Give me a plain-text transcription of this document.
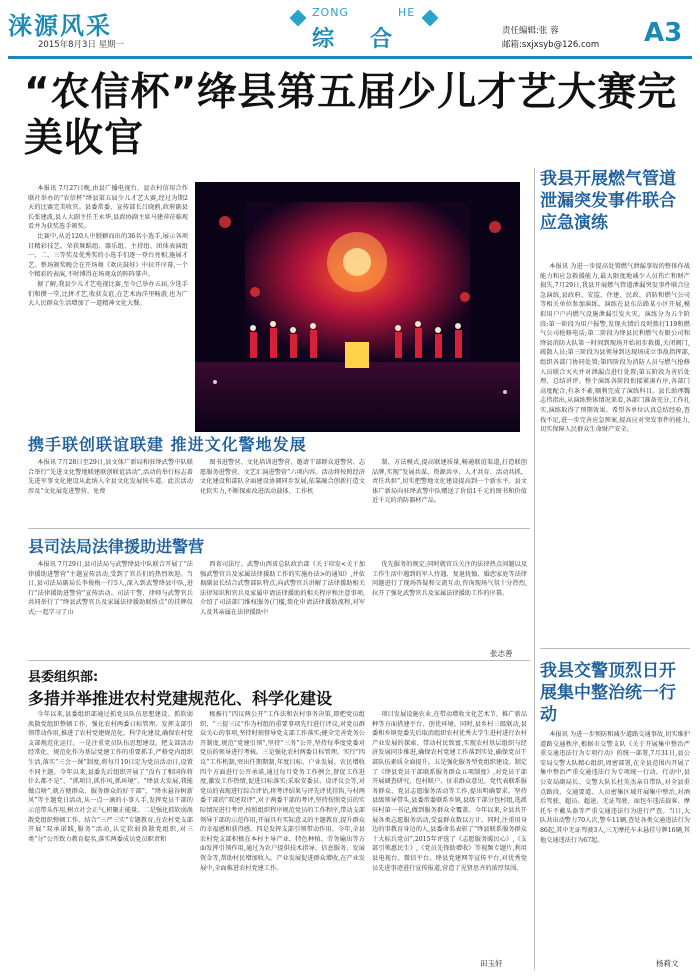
涞源风采
2015年8月3日 星期一
ZONG	HE
综 合	责任编辑:张 蓉
邮箱:sxjxsyb@126.com A3
“农信杯”绛县第五届少儿才艺大赛完美收官

本报讯 7月27日晚,由县广播电视台、县农村信用合作联社举办的“农信杯”绛县第五届少儿才艺大赛,经过为期2天的比赛完美收官。县委常委、宣传部长吕晓鸥,政府副县长张建波,县人大副主任王永华,县政协副主席马建萍莅临观看并为获奖选手颁奖。

比赛中,从近120人中脱颖而出的36名小选手,展示各项目精彩技艺。荣获舞蹈组、器乐组、主持组、团体表演组一、二、三等奖及优秀奖的小选手们逐一登台亮相,施展才艺。整场颁奖晚会在开场舞《欢庆鼓娃》中拉开序幕,一个个精彩的表演,不时博得在场观众的阵阵掌声。

据了解,我县少儿才艺电视比赛,至今已举办五届,少选手们和攒一堂,比拼才艺,收获友谊,在艺术海洋里畅游,也为广大人民群众生活增加了一道精神文化大餐。

携手联创联谊联建 推进文化警地发展

本报讯 7月28日至29日,县文体广新局和驻绛武警中队联合举行“先进文化警地联建联创联谊活动”,活动的举行标志着先进军事文化建设从此纳入全县文化发展快车道。此次活动涉及“文化展览进警营、免费

图书进警营、文化培训进警营、邀请干部群众进警营、志愿服务进警营、文艺汇演进警营”六项内容。活动将按照经济文化建设和部队全面建设协调同步发展,依靠融合创新打造文化软实力,不断探索改进活动载体、工作机

制、方法模式,提高联建质量,畅通联谊渠道,打造联创品牌,实现“发展共谋、资源共享、人才共育、活动共抓、责任共担”,切实把警地文化建设提高到一个新水平。县文体广新局向驻绛武警中队赠送了价值1千元的图书和价值近千元的消防器材产品。

县司法局法律援助进警营

本报讯 7月29日,县司法局与武警绛县中队联合开展了“法律援助进警营”主题宣传活动,受到了官兵们的热烈欢迎。当日,县司法局副局长李俊梅一行5人,深入到武警绛县中队,进行“法律援助进警营”宣传活动。司法干警、律师与武警官兵共同举行了“绛县武警官兵及家属法律援助联络点”的挂牌仪式;一起学习了山

西省司法厅、武警山西省总队政治部《关于印发<关于加强武警官兵及家属法律援助工作的实施办法>的通知》,并依据副县长结合武警部队特点,向武警官兵讲解了法律援助相关法律知识和官兵及家属申请法律援助的相关程序和注意事项,介绍了司法部门维权服务(门槛,简化申请法律援助流程,对军人及其亲属在法律援助中

优先服务的规定;同时就官兵关注的法律热点问题以及工作生活中遇到的军人待遇、复退抚恤、婚恋家庭等法律问题进行了现场答疑和交流互动,咨询现场气氛十分热烈,拉开了强化武警官兵及家属法律援助工作的序幕。

张志善
县委组织部:
多措并举推进农村党建规范化、科学化建设

今年以来,县委组织部通过抓党员队伍思想建设、抓软弱涣散党组织整顿工作、强化农村两委日标管理、发挥支部引领带动作用,推进了农村党建规范化、科学化建设,确保农村党支部规范化运行。一是注重党员队伍思想建设。把支部活动经常化、规范化作为基层党建工作的重要抓手,严格党内组织生活,落实“三会一课”制度,将每月10日定为党员活动日,设置不同主题。今年以来,县委先后组织开展了“没有了相国你将什么都不是”、“抓项目,抓作风,抓环境”、“绛县大发展,我能做点啥”,就方便群众、服务群众的好干部”、“绛水悬谷树新风”等主题党日活动,从一点一滴的小事人手,发挥党员干部的示范带头作用,树立社会正气,积聚正能量。二是强化抓软弱涣散党组织整顿工作。结合“三严三实”专题教育,在农村党支部开展“双承诺践,服务”活动,认定软弱涣散党组织,对三类“分”公开致力教育提名,落实两委成员党员职责和

极推行“四议两公开”工作法和农村事务决策,即把党员组织、“三提三议”作为村组的重要事项先行进行评议,对党员群众关心的事项,坚持时刻督导党支部工作落实;健全完善党务公开制度,规范“党建引领”,坚持“三务”公开,坚持每季度党委对党员的领导进行考核。三是强化农村两委目标管理。实行“四议”工作机制,突出任期期制,年度目标、户业发展、农民增收四个方面进行公开承诺,通过每月党务工作例会,督促工作进度,激发工作热情,促进目标落实;采取安委员、设评议会等,对党员的表现进行综合评估,将考评结果与评先评优挂钩,与村两委干部的“双述双评”,对于两委干部的考评,坚持按照党员的实际情况进行考评,按照组织程序规范党员的工作程序,带动支部领导干部的示范作用,开展具有实际意义的主题教育,提升群众的幸福感和获得感。四是发挥支部引领带动作用。今年,全县农村党支部积极在本村主导产业、特色种植、劳务输出等方面发挥引领作用,通过为农户提供技术指导、信息服务、发展资金等,帮助村民增加收入。产业发展促进群众增收,在产业发展中,全面推进农村党建工作。

项目发展设施农业,在带动增收文化艺术节、推广新品种等方面搭建平台、创优环境。同时,县乡村三级联动,县委和乡镇党委先后取消组织农村优秀大学生进村进行农村产业发展的探索、带动村民致富,实现农村基层组织与经济发展同步推进,确保农村党建工作落到实处,确保党员干部队伍素质全面提升。五是强化服务型党组织建设。制定了《绛县党员干部联系服务群众五项制度》,对党员干部开展调查研究、包村联户、征求群众意见、党代表联系服务群众、党员志愿服务活动等工作,提出明确要求。坚持县级领导带头,县委常委联系乡镇,县级干部分包村组,选派驻村第一书记,做到服务群众全覆盖。今年以来,全县共开展各类志愿服务活动,受益群众数以万计。同时,注重用身边的事教育身边的人,县委命名表彰了“绛县联系服务群众十大标兵党员”,2015年评选了《志愿服务暖民心》,《支部引领惠民生》,《党员先锋助增收》等视频专题片,利用县电视台、微信平台、绛县党建网等宣传平台,对优秀党员先进事迹进行宣传报道,营造了见贤思齐的浓厚氛围。

田玉轩
我县开展燃气管道泄漏突发事件联合应急演练

本报讯 为进一步提高处置燃气泄漏事故的整体作战能力和应急救援能力,最大限度地减少人员伤亡和财产损失,7月29日,我县开展燃气管道泄漏突发事件联合应急演练,县政府、安监、住建、民政、消防和燃气公司等相关单位参加演练。演练在县东岳路某小区开展,模拟用户户内燃气设施泄漏引发火灾。演练分为五个阶段:第一阶段为用户报警,发现火情后及时拨打119和燃气公司抢修电话;第二阶段为绛县民利燃气有限公司和绛县消防大队第一时间到现场开始初步救援,关闭阀门,疏散人员;第三阶段为县领导到达现场成立事故指挥部,组织各部门协同处置;第四阶段为消防人员与燃气抢修人员联合灭火并对泄漏点进行处置;第五阶段为善后处理、总结讲评。整个演练各阶段衔接紧凑有序,各部门高度配合,有条不紊,顺利完成了演练科目。县长助理魏志伟指出,从演练整体情况来看,各部门准备充分,工作扎实,演练取得了预期效果。希望各单位认真总结经验,查找不足,进一步完善应急预案,提高应对突发事件的能力,切实保障人民群众生命财产安全。

我县交警顶烈日开展集中整治统一行动

本报讯 为进一步预防和减少道路交通事故,切实维护道路交通秩序,根据市交警支队《关于开展集中整治严重交通违法行为专项行动》的统一部署,7月31日,县公安局交警大队精心组织,周密部署,在全县范围内开展了集中整治严重交通违法行为专项统一行动。行动中,县公安局副局长、交警大队长杜英杰亲自带队,对全县重点路段、交通要道、人员密集区域开展集中整治,对酒后驾驶、超员、超速、无证驾驶、面包车违法载客、摩托车不戴头盔等严重交通违法行为进行严查。当日,大队共出动警力70人次,警车11辆,查处各类交通违法行为86起,其中无证驾驶3人,三无摩托车未悬挂号牌16辆,其他交通违法行为67起。

杨莉文
